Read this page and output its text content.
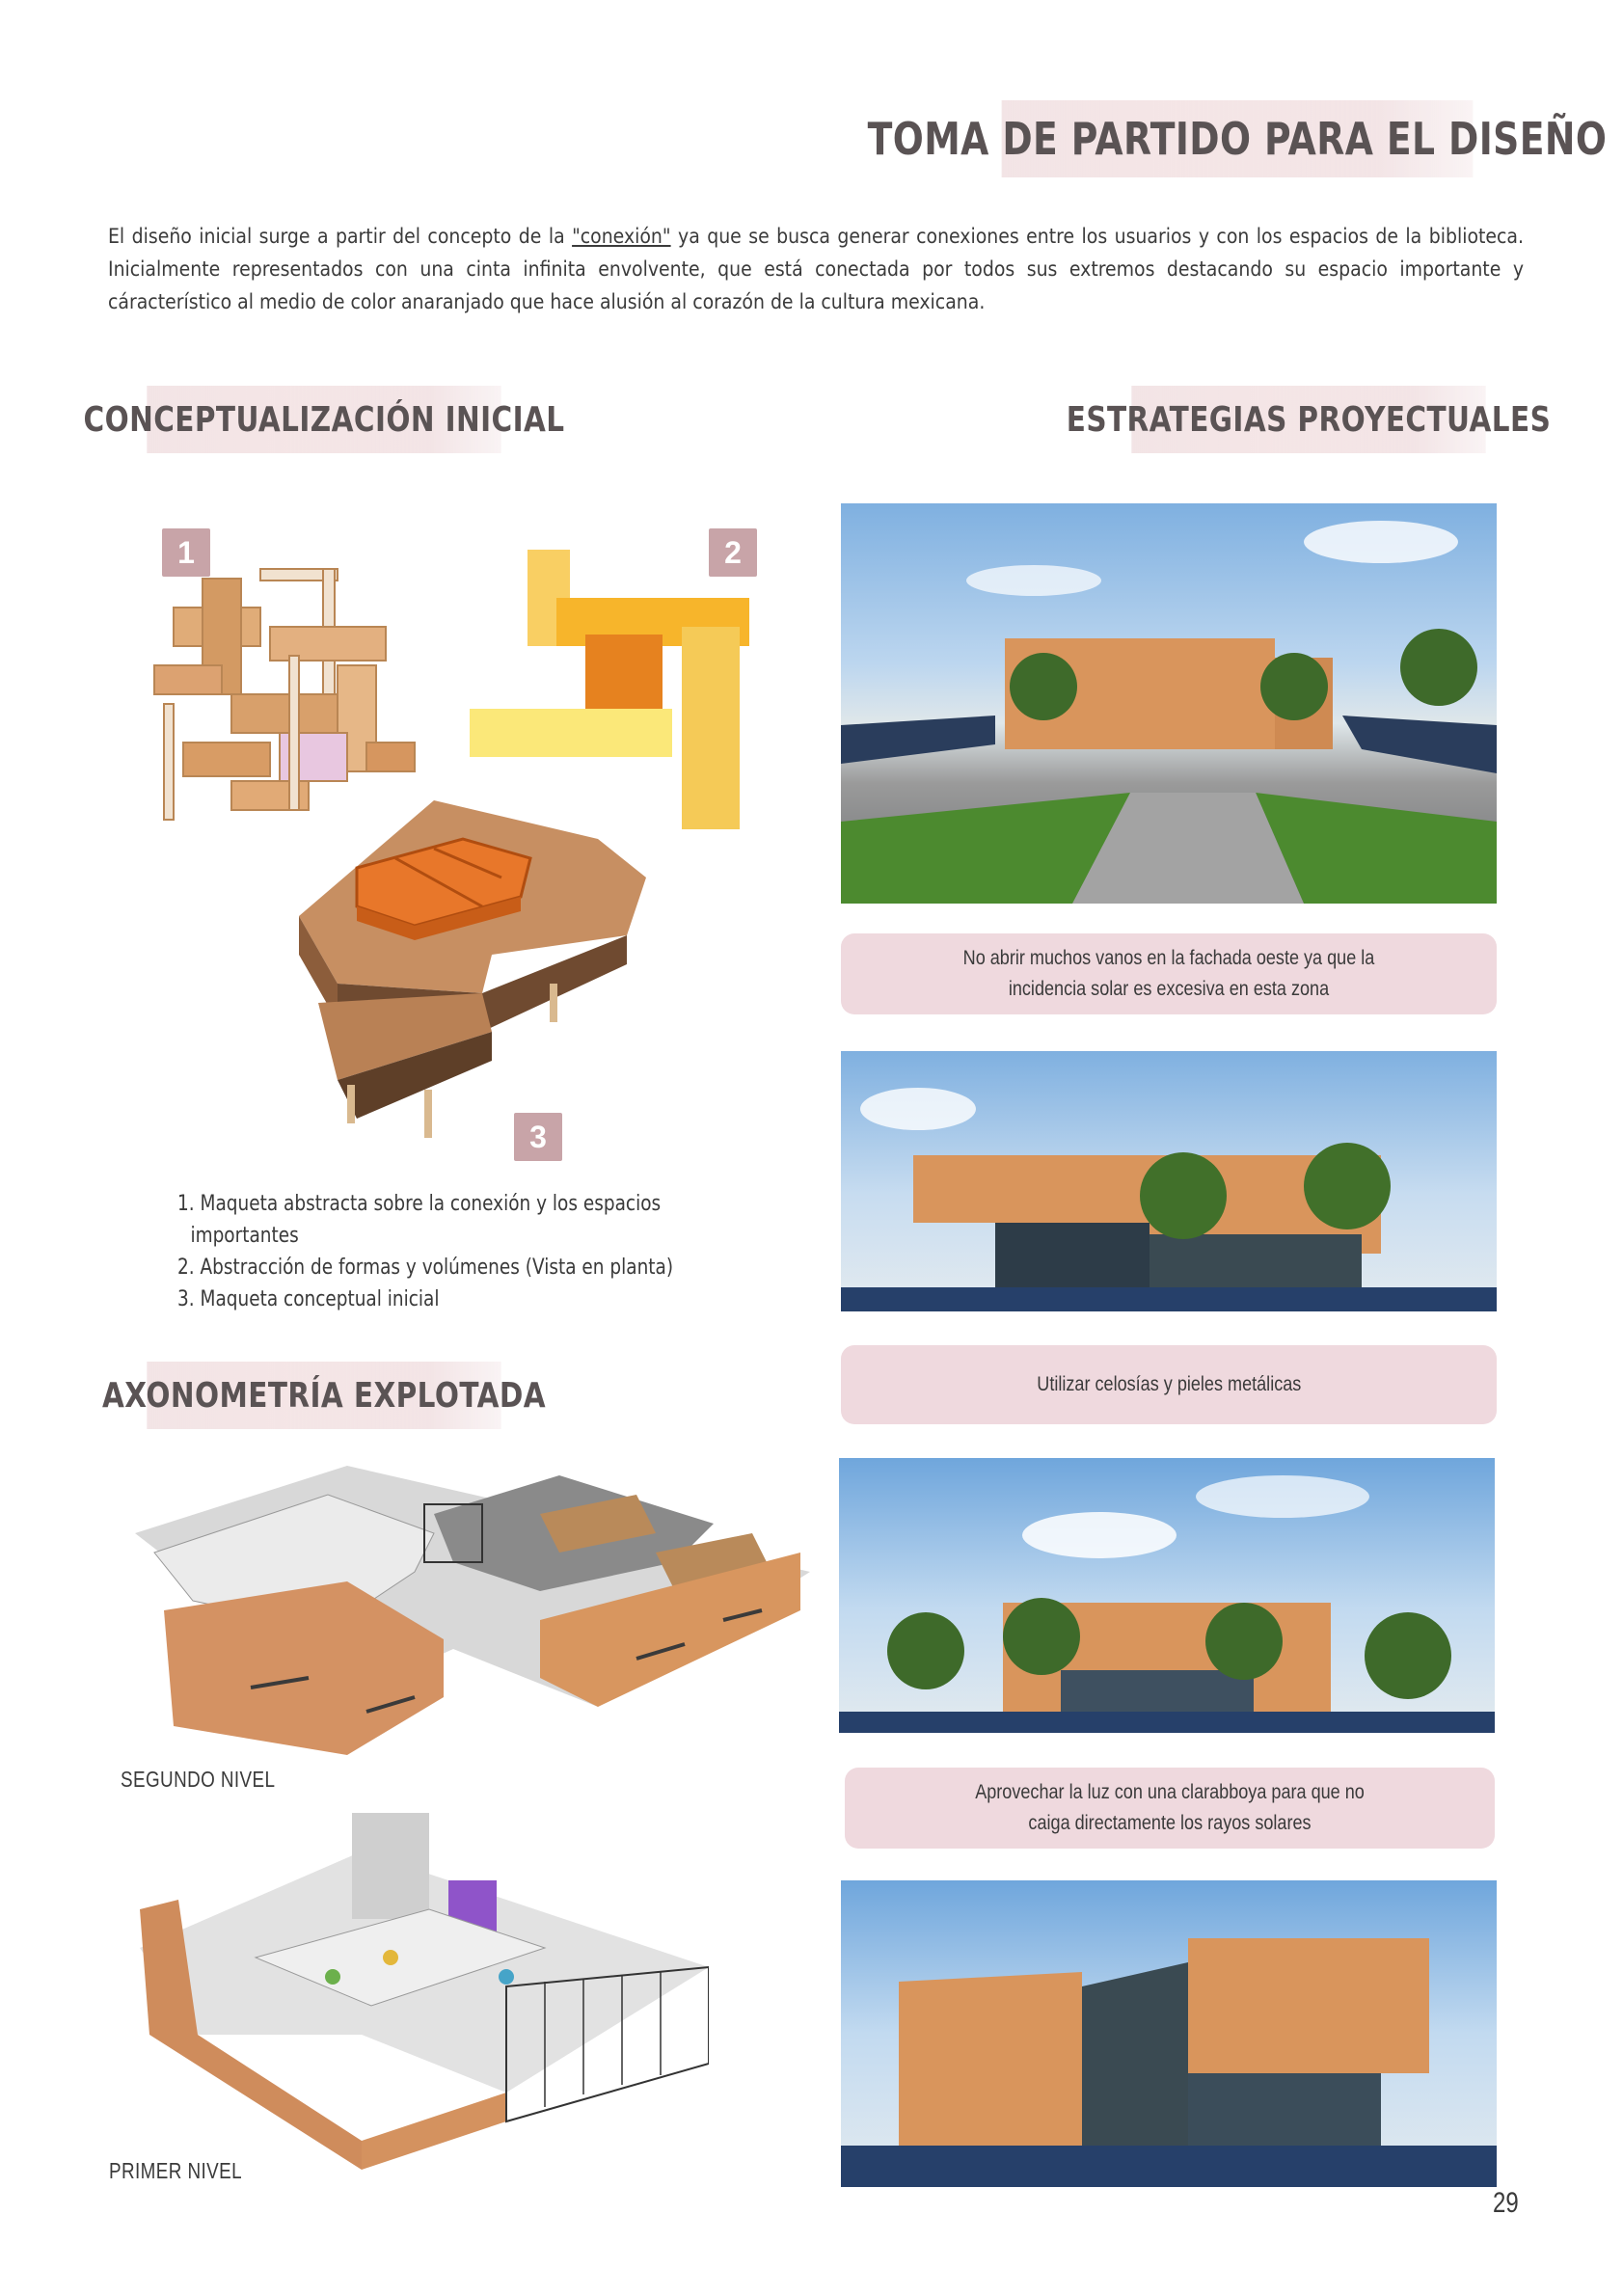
TOMA DE PARTIDO PARA EL DISEÑO
El diseño inicial surge a partir del concepto de la "conexión" ya que se busca generar conexiones entre los usuarios y con los espacios de la biblioteca. Inicialmente representados con una cinta infinita envolvente, que está conectada por todos sus extremos destacando su espacio importante y cáracterístico al medio de color anaranjado que hace alusión al corazón de la cultura mexicana.
CONCEPTUALIZACIÓN INICIAL	ESTRATEGIAS PROYECTUALES
1	2
3
1. Maqueta abstracta sobre la conexión y los espacios
importantes
2. Abstracción de formas y volúmenes (Vista en planta)
3. Maqueta conceptual inicial
AXONOMETRÍA EXPLOTADA
SEGUNDO NIVEL
PRIMER NIVEL
No abrir muchos vanos en la fachada oeste ya que la incidencia solar es excesiva en esta zona
Utilizar celosías y pieles metálicas
Aprovechar la luz con una clarabboya para que no caiga directamente los rayos solares
29
